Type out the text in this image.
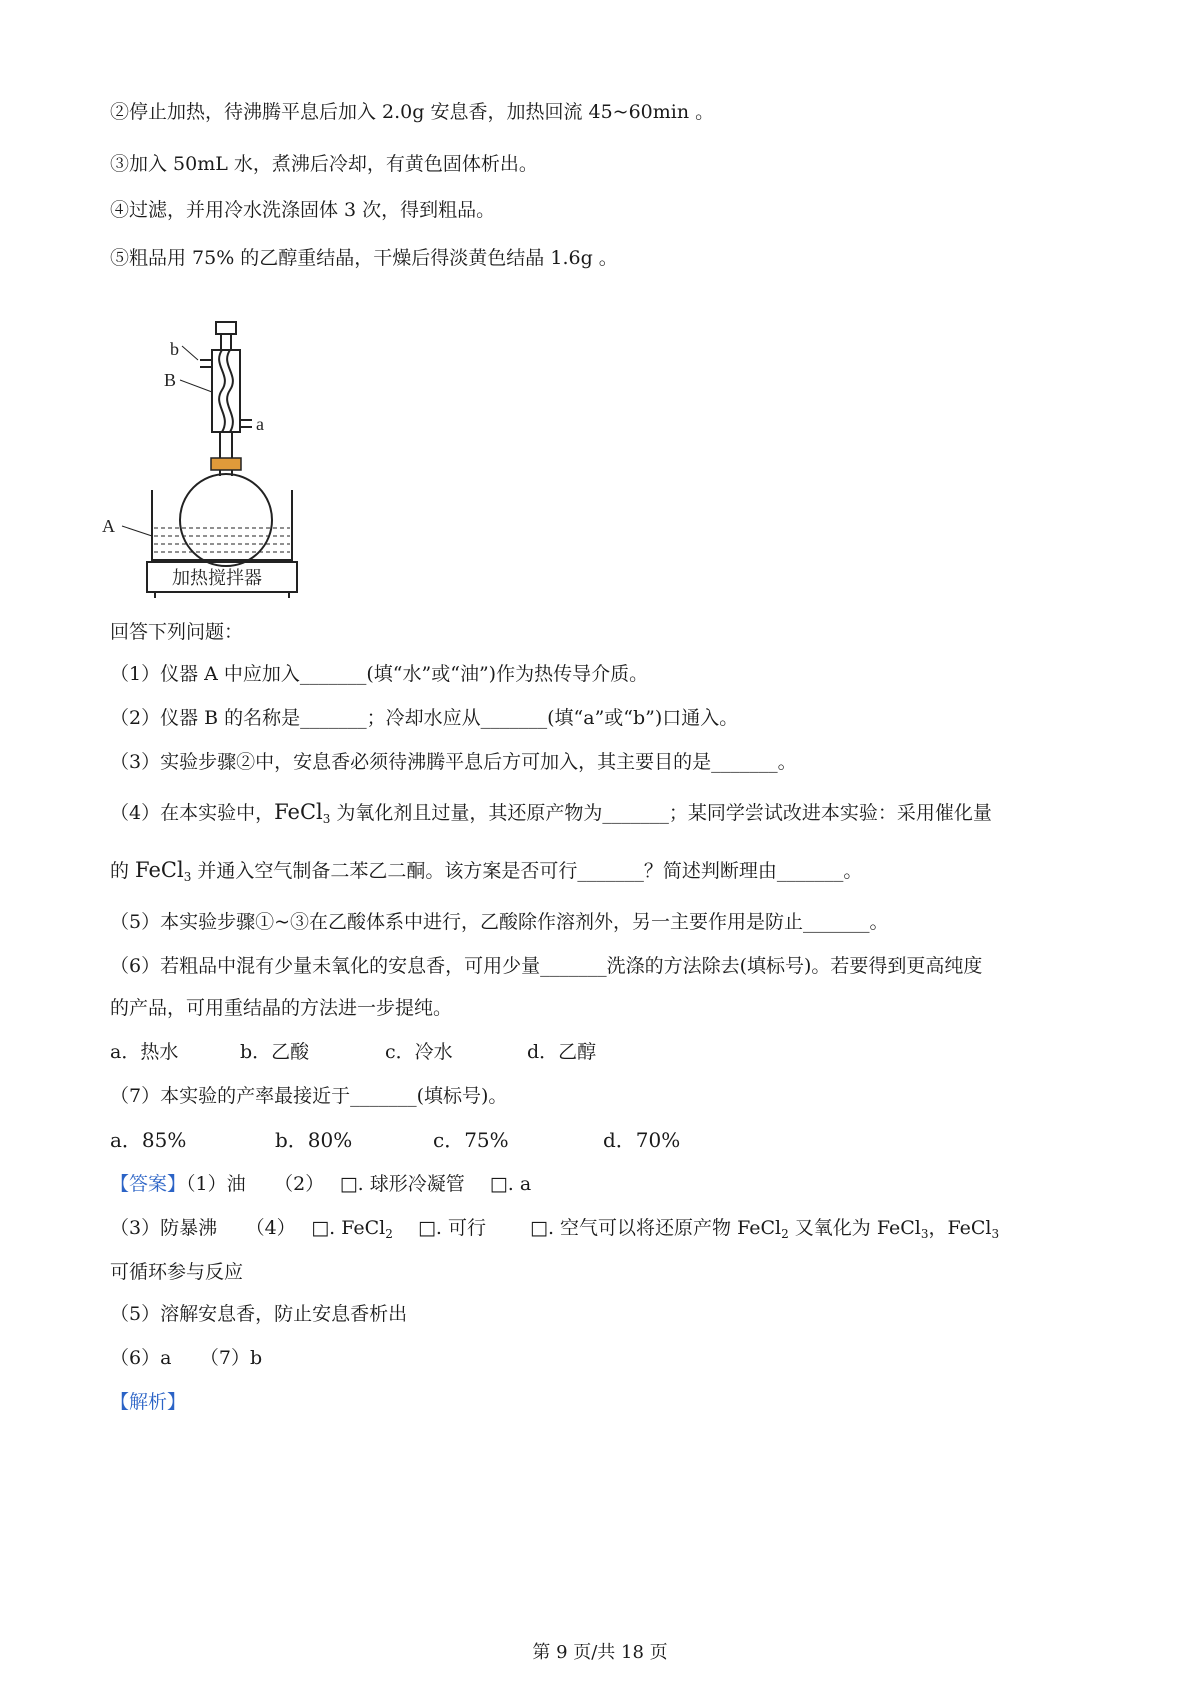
②停止加热，待沸腾平息后加入 2.0g 安息香，加热回流 45~60min 。
③加入 50mL 水，煮沸后冷却，有黄色固体析出。
④过滤，并用冷水洗涤固体 3 次，得到粗品。
⑤粗品用 75% 的乙醇重结晶，干燥后得淡黄色结晶 1.6g 。
b
B
a
A
加热搅拌器
回答下列问题：
（1）仪器 A 中应加入_______(填“水”或“油”)作为热传导介质。
（2）仪器 B 的名称是_______；冷却水应从_______(填“a”或“b”)口通入。
（3）实验步骤②中，安息香必须待沸腾平息后方可加入，其主要目的是_______。
（4）在本实验中，FeCl$_3$ 为氧化剂且过量，其还原产物为_______；某同学尝试改进本实验：采用催化量
的 FeCl$_3$ 并通入空气制备二苯乙二酮。该方案是否可行_______？简述判断理由_______。
（5）本实验步骤①~③在乙酸体系中进行，乙酸除作溶剂外，另一主要作用是防止_______。
（6）若粗品中混有少量未氧化的安息香，可用少量_______洗涤的方法除去(填标号)。若要得到更高纯度
的产品，可用重结晶的方法进一步提纯。
a．热水	b．乙酸	c．冷水	d．乙醇
（7）本实验的产率最接近于_______(填标号)。
a．85%	b．80%	c．75%	d．70%
【答案】（1）油　　（2）　 □. 球形冷凝管　 □. a
（3）防暴沸　　（4）　 □. FeCl$_2$　 □. 可行　　 □. 空气可以将还原产物 FeCl$_2$ 又氧化为 FeCl$_3$，FeCl$_3$
可循环参与反应
（5）溶解安息香，防止安息香析出
（6）a　　（7）b
【解析】
第 9 页/共 18 页
